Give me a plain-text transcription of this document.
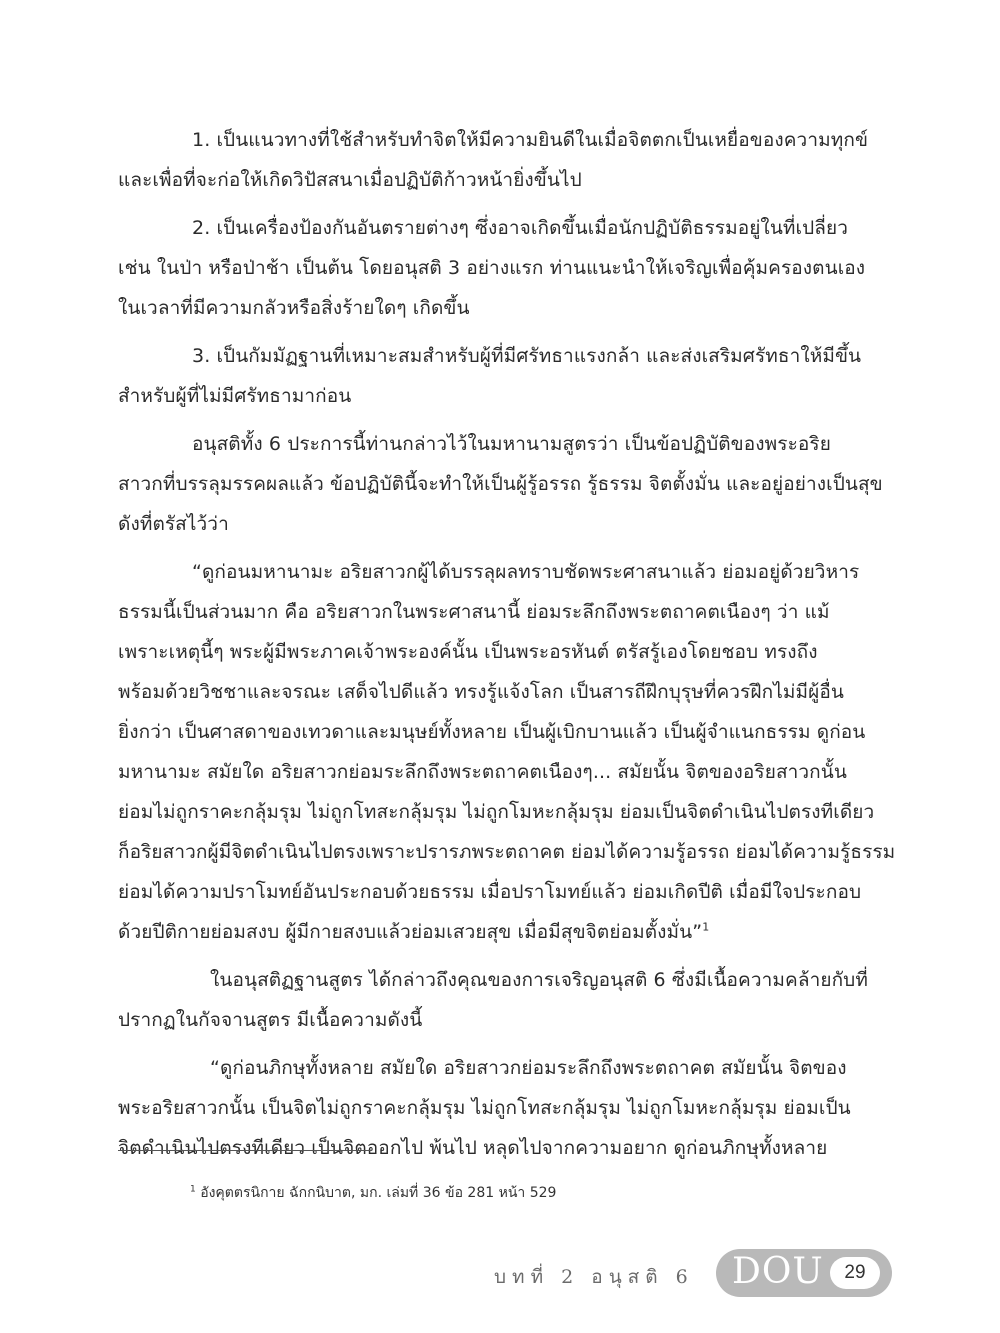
1. เป็นแนวทางที่ใช้สำหรับทำจิตให้มีความยินดีในเมื่อจิตตกเป็นเหยื่อของความทุกข์
และเพื่อที่จะก่อให้เกิดวิปัสสนาเมื่อปฏิบัติก้าวหน้ายิ่งขึ้นไป

2. เป็นเครื่องป้องกันอันตรายต่างๆ ซึ่งอาจเกิดขึ้นเมื่อนักปฏิบัติธรรมอยู่ในที่เปลี่ยว
เช่น ในป่า หรือป่าช้า เป็นต้น โดยอนุสติ 3 อย่างแรก ท่านแนะนำให้เจริญเพื่อคุ้มครองตนเอง
ในเวลาที่มีความกลัวหรือสิ่งร้ายใดๆ เกิดขึ้น

3. เป็นกัมมัฏฐานที่เหมาะสมสำหรับผู้ที่มีศรัทธาแรงกล้า และส่งเสริมศรัทธาให้มีขึ้น
สำหรับผู้ที่ไม่มีศรัทธามาก่อน

อนุสติทั้ง 6 ประการนี้ท่านกล่าวไว้ในมหานามสูตรว่า เป็นข้อปฏิบัติของพระอริย
สาวกที่บรรลุมรรคผลแล้ว ข้อปฏิบัตินี้จะทำให้เป็นผู้รู้อรรถ รู้ธรรม จิตตั้งมั่น และอยู่อย่างเป็นสุข
ดังที่ตรัสไว้ว่า

“ดูก่อนมหานามะ อริยสาวกผู้ได้บรรลุผลทราบชัดพระศาสนาแล้ว ย่อมอยู่ด้วยวิหาร
ธรรมนี้เป็นส่วนมาก คือ อริยสาวกในพระศาสนานี้ ย่อมระลึกถึงพระตถาคตเนืองๆ ว่า แม้
เพราะเหตุนี้ๆ พระผู้มีพระภาคเจ้าพระองค์นั้น เป็นพระอรหันต์ ตรัสรู้เองโดยชอบ ทรงถึง
พร้อมด้วยวิชชาและจรณะ เสด็จไปดีแล้ว ทรงรู้แจ้งโลก เป็นสารถีฝึกบุรุษที่ควรฝึกไม่มีผู้อื่น
ยิ่งกว่า เป็นศาสดาของเทวดาและมนุษย์ทั้งหลาย เป็นผู้เบิกบานแล้ว เป็นผู้จำแนกธรรม ดูก่อน
มหานามะ สมัยใด อริยสาวกย่อมระลึกถึงพระตถาคตเนืองๆ... สมัยนั้น จิตของอริยสาวกนั้น
ย่อมไม่ถูกราคะกลุ้มรุม ไม่ถูกโทสะกลุ้มรุม ไม่ถูกโมหะกลุ้มรุม ย่อมเป็นจิตดำเนินไปตรงทีเดียว
ก็อริยสาวกผู้มีจิตดำเนินไปตรงเพราะปรารภพระตถาคต ย่อมได้ความรู้อรรถ ย่อมได้ความรู้ธรรม
ย่อมได้ความปราโมทย์อันประกอบด้วยธรรม เมื่อปราโมทย์แล้ว ย่อมเกิดปีติ เมื่อมีใจประกอบ
ด้วยปีติกายย่อมสงบ ผู้มีกายสงบแล้วย่อมเสวยสุข เมื่อมีสุขจิตย่อมตั้งมั่น”$^1$

ในอนุสติฏฐานสูตร ได้กล่าวถึงคุณของการเจริญอนุสติ 6 ซึ่งมีเนื้อความคล้ายกับที่
ปรากฏในกัจจานสูตร มีเนื้อความดังนี้

“ดูก่อนภิกษุทั้งหลาย สมัยใด อริยสาวกย่อมระลึกถึงพระตถาคต สมัยนั้น จิตของ
พระอริยสาวกนั้น เป็นจิตไม่ถูกราคะกลุ้มรุม ไม่ถูกโทสะกลุ้มรุม ไม่ถูกโมหะกลุ้มรุม ย่อมเป็น
จิตดำเนินไปตรงทีเดียว เป็นจิตออกไป พ้นไป หลุดไปจากความอยาก ดูก่อนภิกษุทั้งหลาย

$^1$ อังคุตตรนิกาย ฉักกนิบาต, มก. เล่มที่ 36 ข้อ 281 หน้า 529
บทที่ 2 อนุสติ 6 DOU	29
